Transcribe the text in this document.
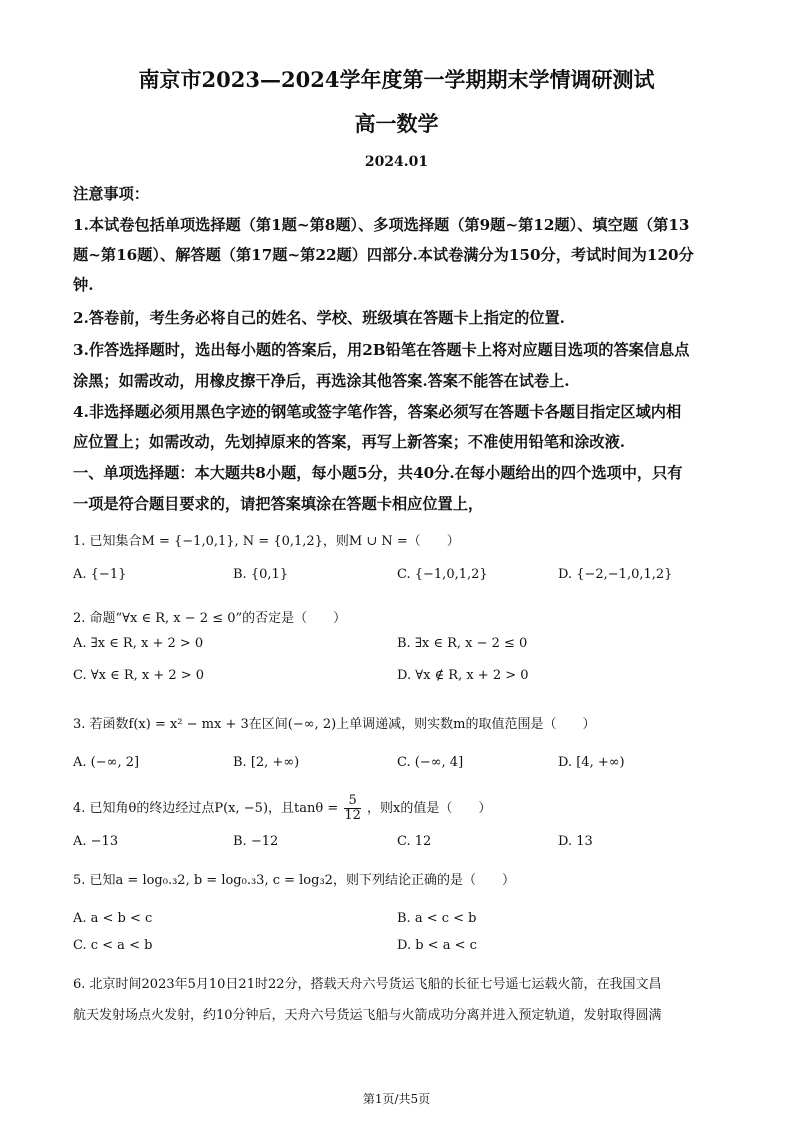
南京市2023—2024学年度第一学期期末学情调研测试
高一数学
2024.01
注意事项：
1.本试卷包括单项选择题（第1题~第8题）、多项选择题（第9题~第12题）、填空题（第13
题~第16题）、解答题（第17题~第22题）四部分.本试卷满分为150分，考试时间为120分
钟.
2.答卷前，考生务必将自己的姓名、学校、班级填在答题卡上指定的位置.
3.作答选择题时，选出每小题的答案后，用2B铅笔在答题卡上将对应题目选项的答案信息点
涂黑；如需改动，用橡皮擦干净后，再选涂其他答案.答案不能答在试卷上.
4.非选择题必须用黑色字迹的钢笔或签字笔作答，答案必须写在答题卡各题目指定区域内相
应位置上；如需改动，先划掉原来的答案，再写上新答案；不准使用铅笔和涂改液.
一、单项选择题：本大题共8小题，每小题5分，共40分.在每小题给出的四个选项中，只有
一项是符合题目要求的，请把答案填涂在答题卡相应位置上，
1. 已知集合M = {−1,0,1}, N = {0,1,2}，则M ∪ N =（　　）
A. {−1}	B. {0,1}	C. {−1,0,1,2}	D. {−2,−1,0,1,2}
2. 命题“∀x ∈ R, x − 2 ≤ 0”的否定是（　　）
A. ∃x ∈ R, x + 2 > 0	B. ∃x ∈ R, x − 2 ≤ 0
C. ∀x ∈ R, x + 2 > 0	D. ∀x ∉ R, x + 2 > 0
3. 若函数f(x) = x² − mx + 3在区间(−∞, 2)上单调递减，则实数m的取值范围是（　　）
A. (−∞, 2]	B. [2, +∞)	C. (−∞, 4]	D. [4, +∞)
4. 已知角θ的终边经过点P(x, −5)，且$\tan\theta = \frac{5}{12}$ ，则x的值是（　　）
A. −13	B. −12	C. 12	D. 13
5. 已知a = log₀.₃2, b = log₀.₃3, c = log₃2，则下列结论正确的是（　　）
A. a < b < c	B. a < c < b
C. c < a < b	D. b < a < c
6. 北京时间2023年5月10日21时22分，搭载天舟六号货运飞船的长征七号遥七运载火箭，在我国文昌
航天发射场点火发射，约10分钟后，天舟六号货运飞船与火箭成功分离并进入预定轨道，发射取得圆满
第1页/共5页
